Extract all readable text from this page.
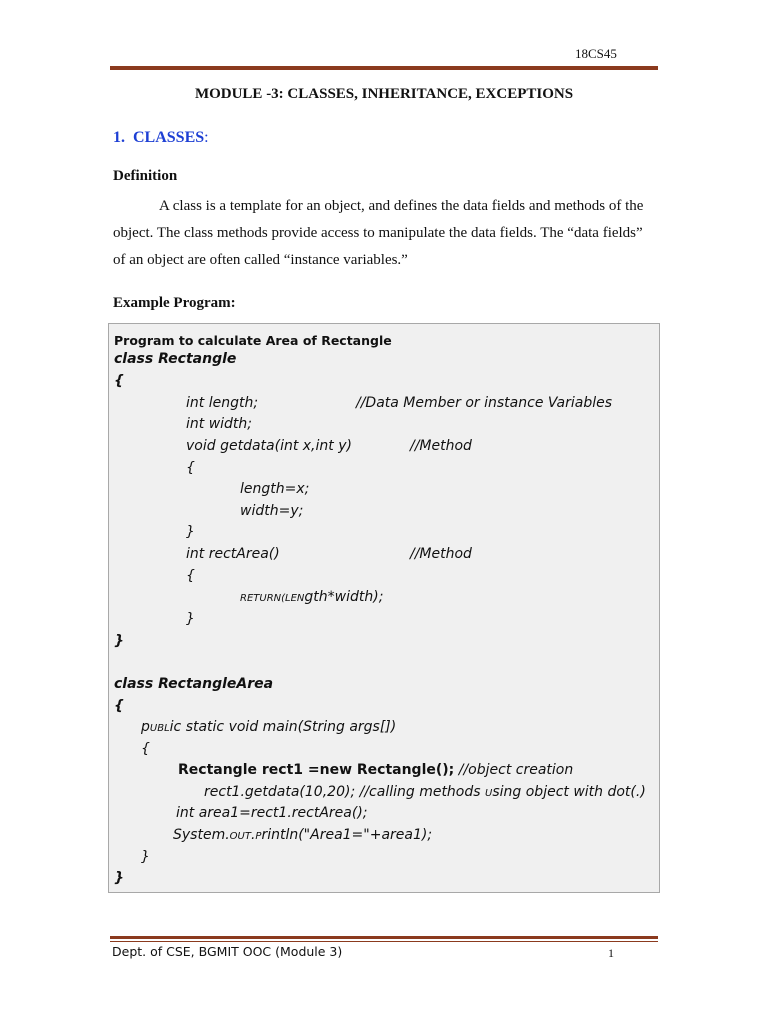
18CS45
MODULE -3: CLASSES, INHERITANCE, EXCEPTIONS
1. CLASSES:
Definition

A class is a template for an object, and defines the data fields and methods of the

object. The class methods provide access to manipulate the data fields. The “data fields”

of an object are often called “instance variables.”

Example Program:
Program to calculate Area of Rectangle
class Rectangle
{
int length;	//Data Member or instance Variables
int width;
void getdata(int x,int y)	//Method
{
length=x;
width=y;
}
int rectArea()	//Method
{
RETURN(LENgth*width);
}
}
class RectangleArea
{
pUBLic static void main(String args[])
{
Rectangle rect1 =new Rectangle(); //object creation
rect1.getdata(10,20); //calling methods Using object with dot(.)
int area1=rect1.rectArea();
System.OUT.Println("Area1="+area1);
}
}
Dept. of CSE, BGMIT OOC (Module 3)	1
